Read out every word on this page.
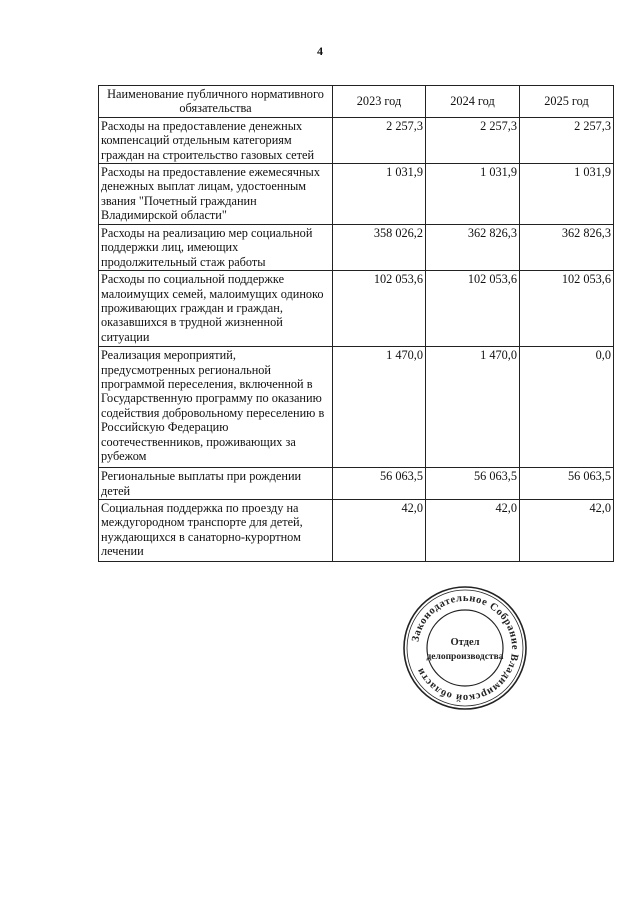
4
Наименование публичного нормативного обязательства	2023 год	2024 год	2025 год
Расходы на предоставление денежных компенсаций отдельным категориям граждан на строительство газовых сетей	2 257,3	2 257,3	2 257,3
Расходы на предоставление ежемесячных денежных выплат лицам, удостоенным звания "Почетный гражданин Владимирской области"	1 031,9	1 031,9	1 031,9
Расходы на реализацию мер социальной поддержки лиц, имеющих продолжительный стаж работы	358 026,2	362 826,3	362 826,3
Расходы по социальной поддержке малоимущих семей, малоимущих одиноко проживающих граждан и граждан, оказавшихся в трудной жизненной ситуации	102 053,6	102 053,6	102 053,6
Реализация мероприятий, предусмотренных региональной программой переселения, включенной в Государственную программу по оказанию содействия добровольному переселению в Российскую Федерацию соотечественников, проживающих за рубежом	1 470,0	1 470,0	0,0
Региональные выплаты при рождении детей	56 063,5	56 063,5	56 063,5
Социальная поддержка по проезду на междугородном транспорте для детей, нуждающихся в санаторно-курортном лечении	42,0	42,0	42,0
Законодательное Собрание Владимирской области
Отдел
делопроизводства
